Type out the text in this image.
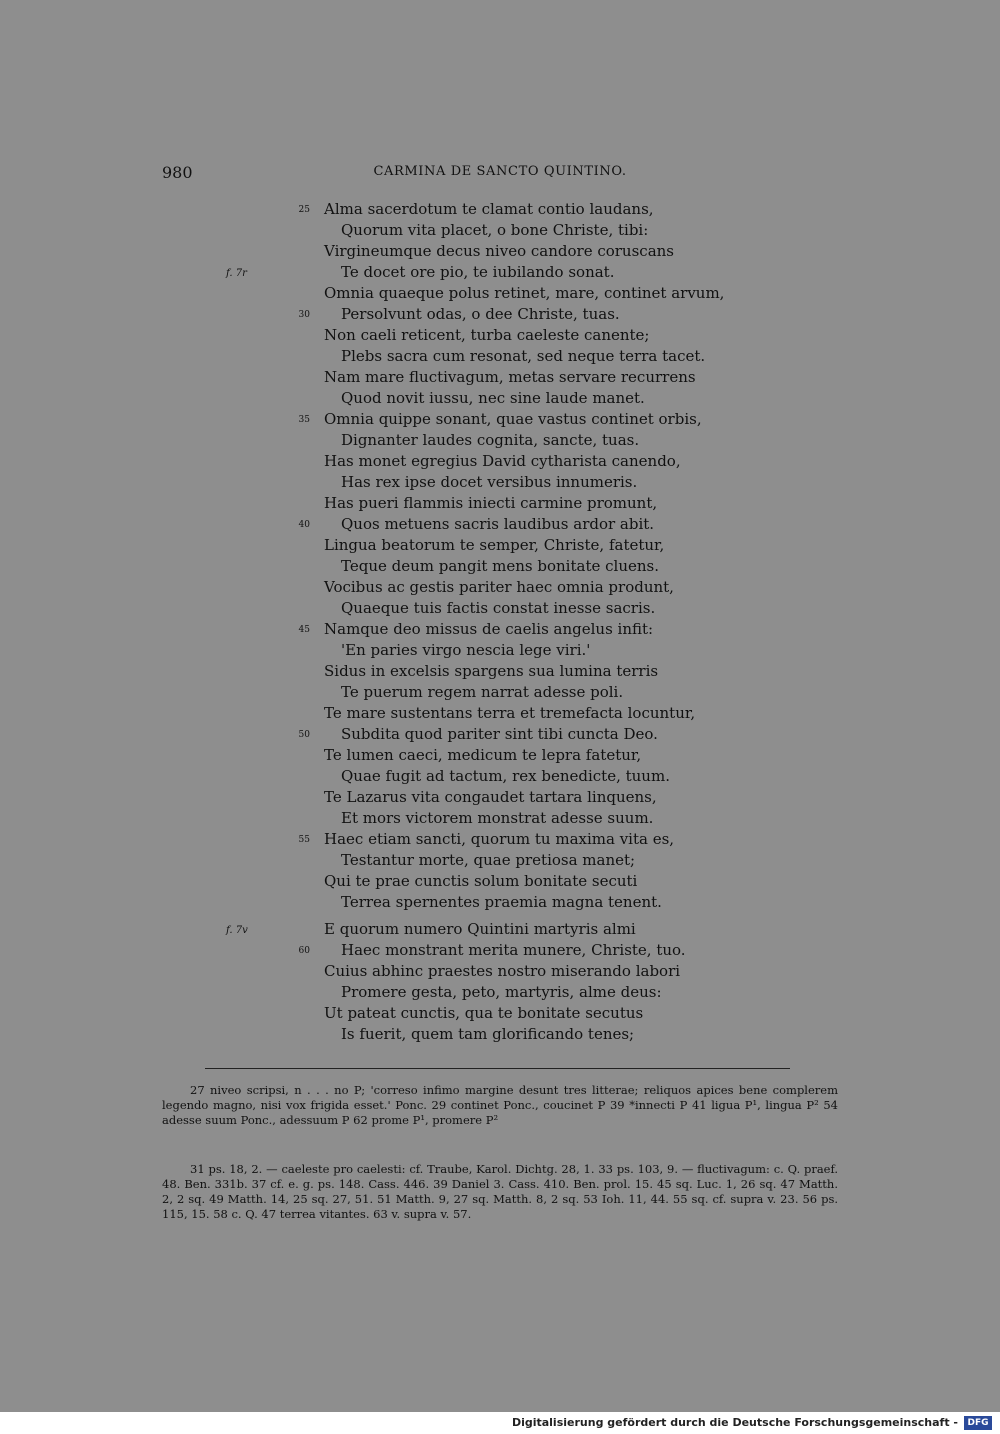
980	CARMINA DE SANCTO QUINTINO.
25 Alma sacerdotum te clamat contio laudans,
Quorum vita placet, o bone Christe, tibi:
Virgineumque decus niveo candore coruscans
f. 7r	Te docet ore pio, te iubilando sonat.
Omnia quaeque polus retinet, mare, continet arvum,
30 Persolvunt odas, o dee Christe, tuas.
Non caeli reticent, turba caeleste canente;
Plebs sacra cum resonat, sed neque terra tacet.
Nam mare fluctivagum, metas servare recurrens
Quod novit iussu, nec sine laude manet.
35 Omnia quippe sonant, quae vastus continet orbis,
Dignanter laudes cognita, sancte, tuas.
Has monet egregius David cytharista canendo,
Has rex ipse docet versibus innumeris.
Has pueri flammis iniecti carmine promunt,
40 Quos metuens sacris laudibus ardor abit.
Lingua beatorum te semper, Christe, fatetur,
Teque deum pangit mens bonitate cluens.
Vocibus ac gestis pariter haec omnia produnt,
Quaeque tuis factis constat inesse sacris.
45 Namque deo missus de caelis angelus infit:
'En paries virgo nescia lege viri.'
Sidus in excelsis spargens sua lumina terris
Te puerum regem narrat adesse poli.
Te mare sustentans terra et tremefacta locuntur,
50 Subdita quod pariter sint tibi cuncta Deo.
Te lumen caeci, medicum te lepra fatetur,
Quae fugit ad tactum, rex benedicte, tuum.
Te Lazarus vita congaudet tartara linquens,
Et mors victorem monstrat adesse suum.
55 Haec etiam sancti, quorum tu maxima vita es,
Testantur morte, quae pretiosa manet;
Qui te prae cunctis solum bonitate secuti
Terrea spernentes praemia magna tenent.
f. 7v	E quorum numero Quintini martyris almi
60 Haec monstrant merita munere, Christe, tuo.
Cuius abhinc praestes nostro miserando labori
Promere gesta, peto, martyris, alme deus:
Ut pateat cunctis, qua te bonitate secutus
Is fuerit, quem tam glorificando tenes;

27 niveo scripsi, n . . . no P; 'correso infimo margine desunt tres litterae; reliquos apices bene complerem legendo magno, nisi vox frigida esset.' Ponc. 29 continet Ponc., coucinet P 39 *innecti P 41 ligua P¹, lingua P² 54 adesse suum Ponc., adessuum P 62 prome P¹, promere P²

31 ps. 18, 2. — caeleste pro caelesti: cf. Traube, Karol. Dichtg. 28, 1. 33 ps. 103, 9. — fluctivagum: c. Q. praef. 48. Ben. 331b. 37 cf. e. g. ps. 148. Cass. 446. 39 Daniel 3. Cass. 410. Ben. prol. 15. 45 sq. Luc. 1, 26 sq. 47 Matth. 2, 2 sq. 49 Matth. 14, 25 sq. 27, 51. 51 Matth. 9, 27 sq. Matth. 8, 2 sq. 53 Ioh. 11, 44. 55 sq. cf. supra v. 23. 56 ps. 115, 15. 58 c. Q. 47 terrea vitantes. 63 v. supra v. 57.

Digitalisierung gefördert durch die Deutsche Forschungsgemeinschaft -	DFG
